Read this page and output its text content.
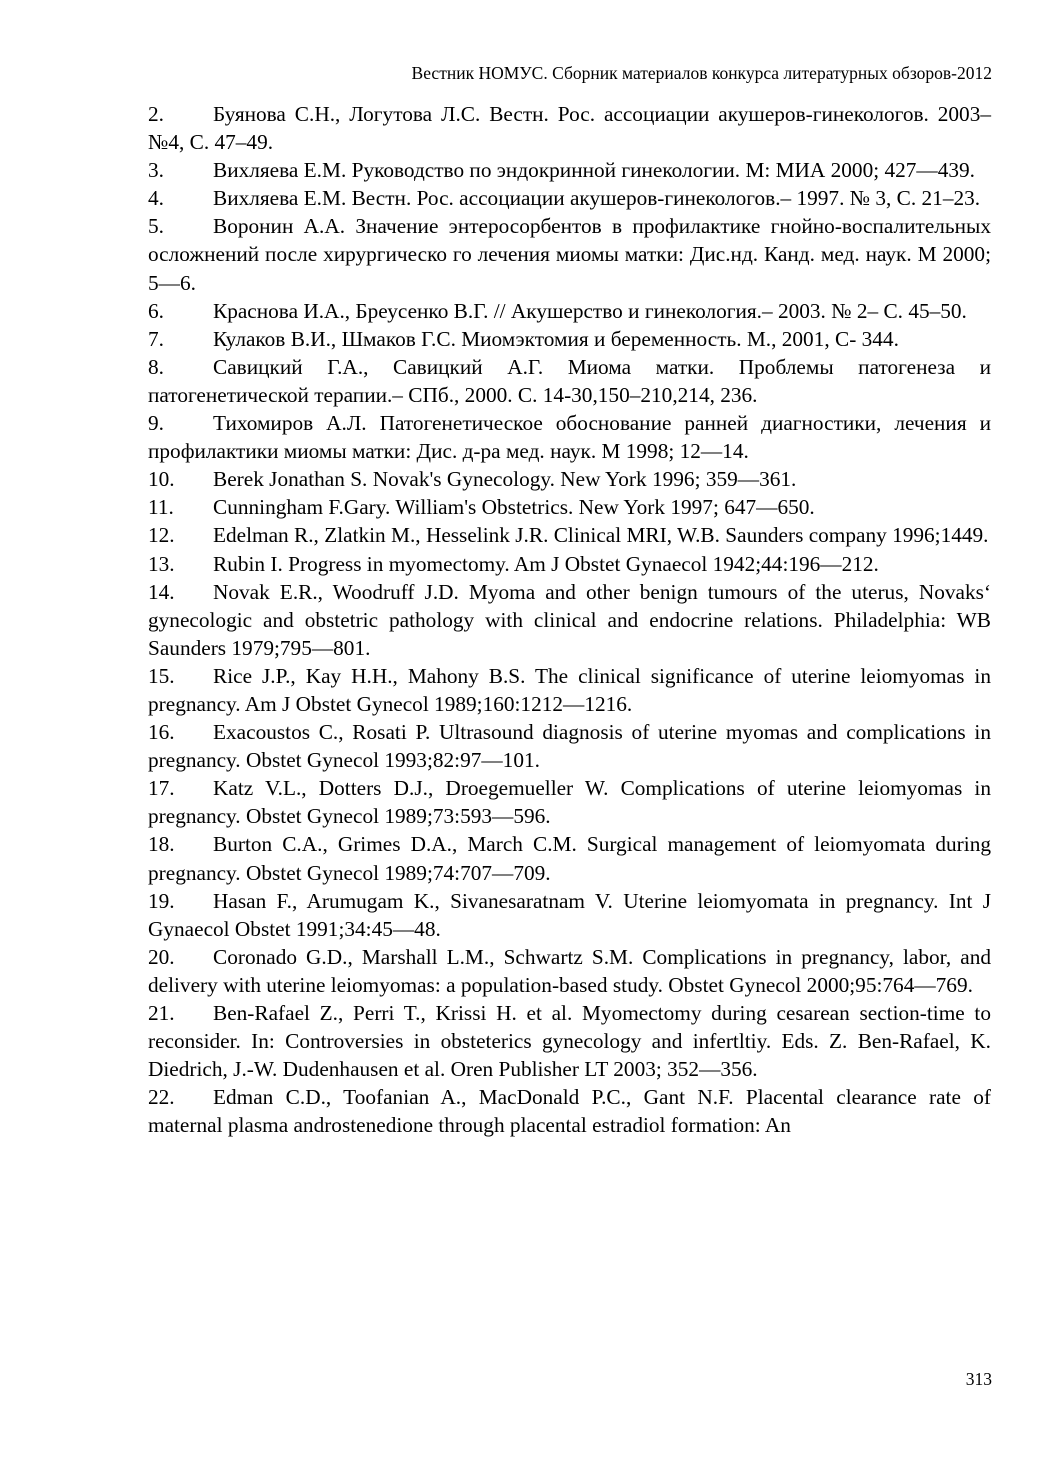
Вестник НОМУС. Сборник материалов конкурса литературных обзоров-2012
2. Буянова С.Н., Логутова Л.С. Вестн. Рос. ассоциации акушеров-гинекологов. 2003– №4, С. 47–49.
3. Вихляева Е.М. Руководство по эндокринной гинекологии. М: МИА 2000; 427—439.
4. Вихляева Е.М. Вестн. Рос. ассоциации акушеров-гинекологов.– 1997. № 3, С. 21–23.
5. Воронин А.А. Значение энтеросорбентов в профилактике гнойно-воспалительных осложнений после хирургическо го лечения миомы матки: Дис.нд. Канд. мед. наук. М 2000; 5—6.
6. Краснова И.А., Бреусенко В.Г. // Акушерство и гинекология.– 2003. № 2– С. 45–50.
7. Кулаков В.И., Шмаков Г.С. Миомэктомия и беременность. М., 2001, С- 344.
8. Савицкий Г.А., Савицкий А.Г. Миома матки. Проблемы патогенеза и патогенетической терапии.– СПб., 2000. С. 14-30,150–210,214, 236.
9. Тихомиров А.Л. Патогенетическое обоснование ранней диагностики, лечения и профилактики миомы матки: Дис. д-ра мед. наук. М 1998; 12—14.
10. Berek Jonathan S. Novak's Gynecology. New York 1996; 359—361.
11. Cunningham F.Gary. William's Obstetrics. New York 1997; 647—650.
12. Edelman R., Zlatkin M., Hesselink J.R. Clinical MRI, W.B. Saunders company 1996;1449.
13. Rubin I. Progress in myomectomy. Am J Obstet Gynaecol 1942;44:196—212.
14. Novak E.R., Woodruff J.D. Myoma and other benign tumours of the uterus, Novaks‘ gynecologic and obstetric pathology with clinical and endocrine relations. Philadelphia: WB Saunders 1979;795—801.
15. Rice J.P., Kay H.H., Mahony B.S. The clinical significance of uterine leiomyomas in pregnancy. Am J Obstet Gynecol 1989;160:1212—1216.
16. Exacoustos C., Rosati P. Ultrasound diagnosis of uterine myomas and complications in pregnancy. Obstet Gynecol 1993;82:97—101.
17. Katz V.L., Dotters D.J., Droegemueller W. Complications of uterine leiomyomas in pregnancy. Obstet Gynecol 1989;73:593—596.
18. Burton C.A., Grimes D.A., March C.M. Surgical management of leiomyomata during pregnancy. Obstet Gynecol 1989;74:707—709.
19. Hasan F., Arumugam K., Sivanesaratnam V. Uterine leiomyomata in pregnancy. Int J Gynaecol Obstet 1991;34:45—48.
20. Coronado G.D., Marshall L.M., Schwartz S.M. Complications in pregnancy, labor, and delivery with uterine leiomyomas: a population-based study. Obstet Gynecol 2000;95:764—769.
21. Ben-Rafael Z., Perri T., Krissi H. et al. Myomectomy during cesarean section-time to reconsider. In: Controversies in obsteterics gynecology and infertltiy. Eds. Z. Ben-Rafael, K. Diedrich, J.-W. Dudenhausen et al. Oren Publisher LT 2003; 352—356.
22. Edman C.D., Toofanian A., MacDonald P.C., Gant N.F. Placental clearance rate of maternal plasma androstenedione through placental estradiol formation: An
313
